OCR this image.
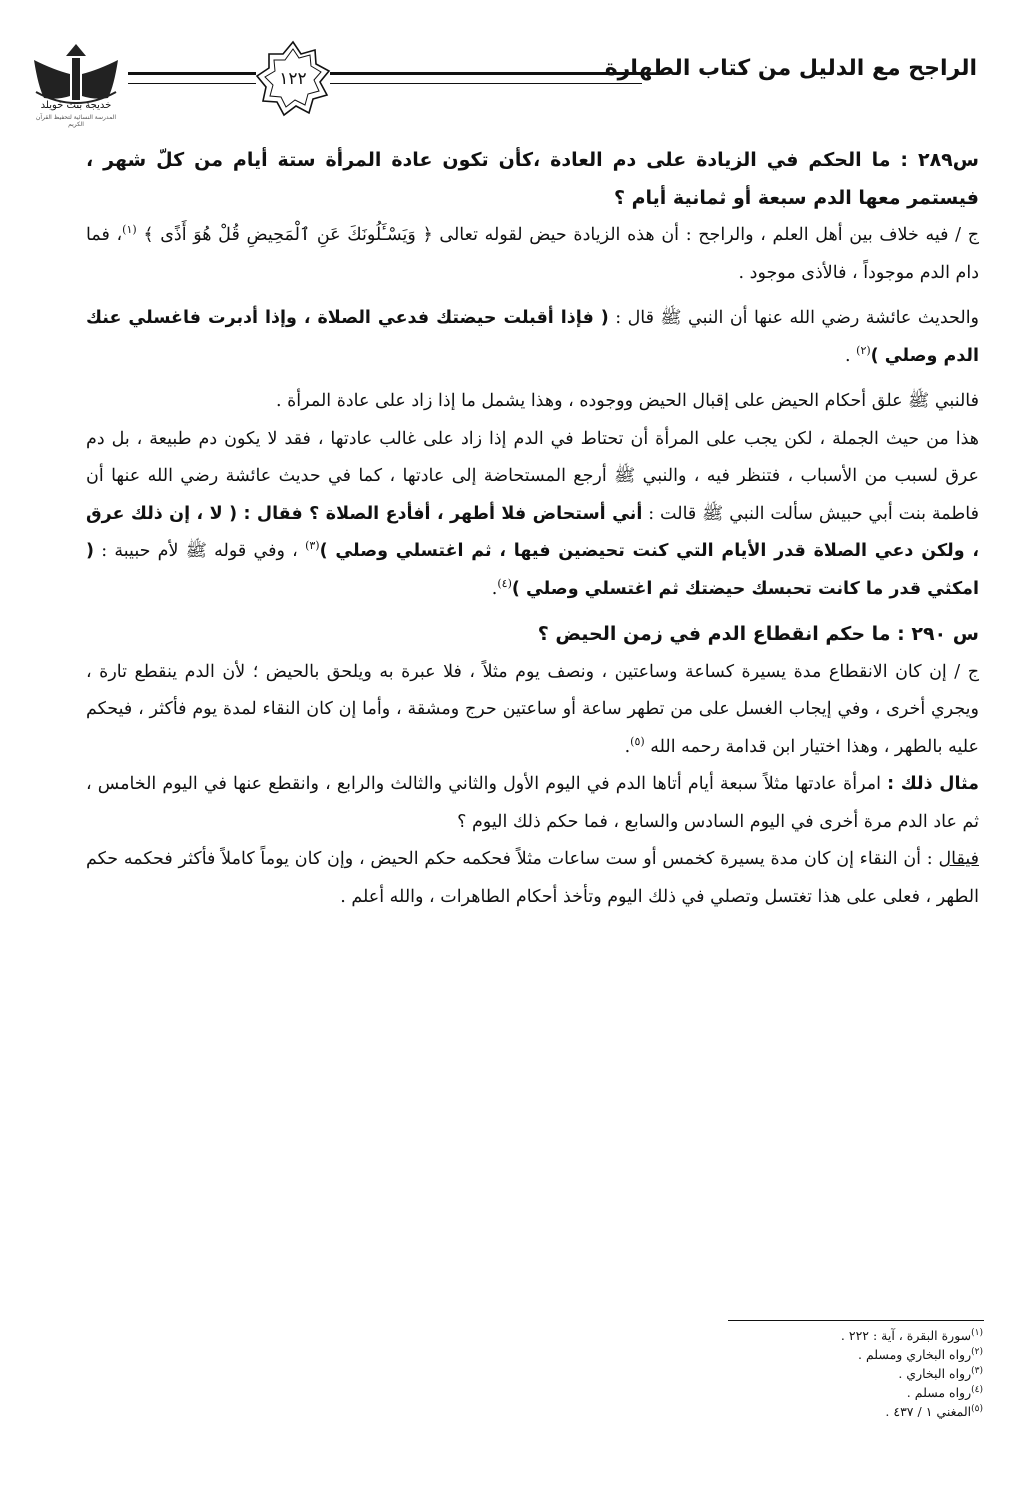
الراجح مع الدليل من كتاب الطهارة
١٢٢
خديجة بنت خويلد
المدرسة النسائية لتحفيظ القرآن الكريم

س٢٨٩ : ما الحكم في الزيادة على دم العادة ،كأن تكون عادة المرأة ستة أيام من كلّ شهر ، فيستمر معها الدم سبعة أو ثمانية أيام ؟

ج / فيه خلاف بين أهل العلم ، والراجح : أن هذه الزيادة حيض لقوله تعالى ﴿ وَيَسْـَٔلُونَكَ عَنِ ٱلْمَحِيضِ قُلْ هُوَ أَذًى ﴾ $^{(١)}$، فما دام الدم موجوداً ، فالأذى موجود .

والحديث عائشة رضي الله عنها أن النبي ﷺ قال : ( فإذا أقبلت حيضتك فدعي الصلاة ، وإذا أدبرت فاغسلي عنك الدم وصلي )$^{(٢)}$ .

فالنبي ﷺ علق أحكام الحيض على إقبال الحيض ووجوده ، وهذا يشمل ما إذا زاد على عادة المرأة .

هذا من حيث الجملة ، لكن يجب على المرأة أن تحتاط في الدم إذا زاد على غالب عادتها ، فقد لا يكون دم طبيعة ، بل دم عرق لسبب من الأسباب ، فتنظر فيه ، والنبي ﷺ أرجع المستحاضة إلى عادتها ، كما في حديث عائشة رضي الله عنها أن فاطمة بنت أبي حبيش سألت النبي ﷺ قالت : أني أستحاض فلا أطهر ، أفأدع الصلاة ؟ فقال : ( لا ، إن ذلك عرق ، ولكن دعي الصلاة قدر الأيام التي كنت تحيضين فيها ، ثم اغتسلي وصلي )$^{(٣)}$ ، وفي قوله ﷺ لأم حبيبة : ( امكثي قدر ما كانت تحبسك حيضتك ثم اغتسلي وصلي )$^{(٤)}$.

س ٢٩٠ : ما حكم انقطاع الدم في زمن الحيض ؟

ج / إن كان الانقطاع مدة يسيرة كساعة وساعتين ، ونصف يوم مثلاً ، فلا عبرة به ويلحق بالحيض ؛ لأن الدم ينقطع تارة ، ويجري أخرى ، وفي إيجاب الغسل على من تطهر ساعة أو ساعتين حرج ومشقة ، وأما إن كان النقاء لمدة يوم فأكثر ، فيحكم عليه بالطهر ، وهذا اختيار ابن قدامة رحمه الله $^{(٥)}$.

مثال ذلك : امرأة عادتها مثلاً سبعة أيام أتاها الدم في اليوم الأول والثاني والثالث والرابع ، وانقطع عنها في اليوم الخامس ، ثم عاد الدم مرة أخرى في اليوم السادس والسابع ، فما حكم ذلك اليوم ؟

فيقال : أن النقاء إن كان مدة يسيرة كخمس أو ست ساعات مثلاً فحكمه حكم الحيض ، وإن كان يوماً كاملاً فأكثر فحكمه حكم الطهر ، فعلى على هذا تغتسل وتصلي في ذلك اليوم وتأخذ أحكام الطاهرات ، والله أعلم .

$^{(١)}$سورة البقرة ، آية : ٢٢٢ .
$^{(٢)}$رواه البخاري ومسلم .
$^{(٣)}$رواه البخاري .
$^{(٤)}$رواه مسلم .
$^{(٥)}$المغني ١ / ٤٣٧ .
